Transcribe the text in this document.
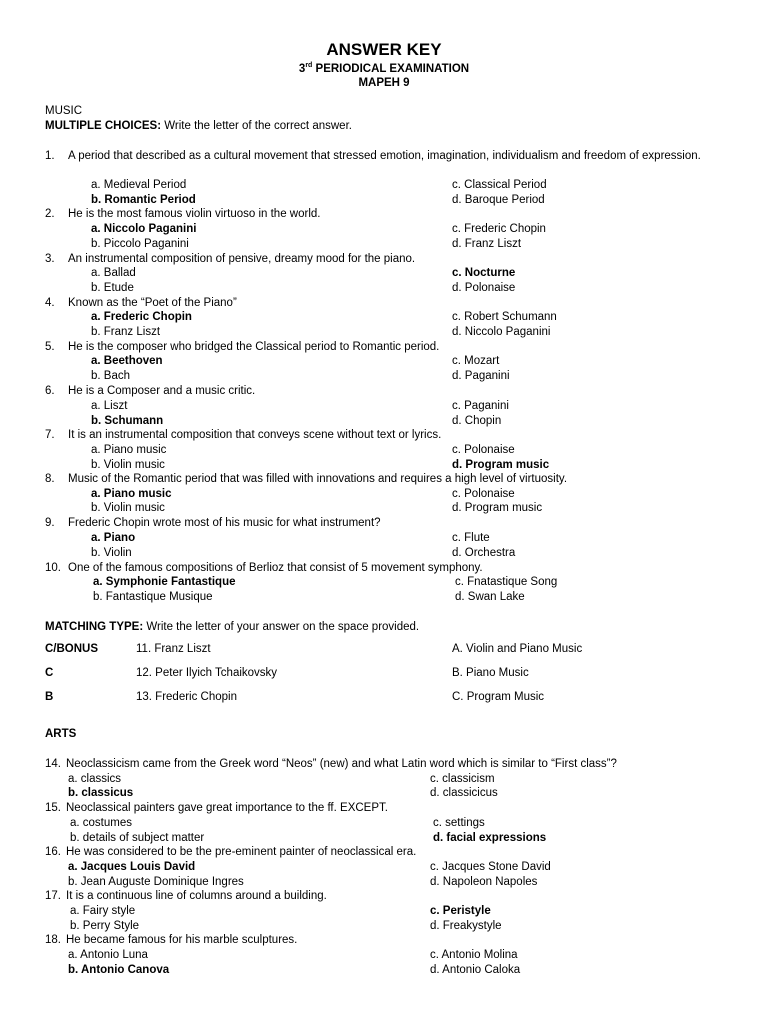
ANSWER KEY
3rd PERIODICAL EXAMINATION
MAPEH 9
MUSIC
MULTIPLE CHOICES: Write the letter of the correct answer.
1. A period that described as a cultural movement that stressed emotion, imagination, individualism and freedom of expression.
a. Medieval Period
b. Romantic Period
c. Classical Period
d. Baroque Period
2. He is the most famous violin virtuoso in the world.
a. Niccolo Paganini
b. Piccolo Paganini
c. Frederic Chopin
d. Franz Liszt
3. An instrumental composition of pensive, dreamy mood for the piano.
a. Ballad
b. Etude
c. Nocturne
d. Polonaise
4. Known as the “Poet of the Piano”
a. Frederic Chopin
b. Franz Liszt
c. Robert Schumann
d. Niccolo Paganini
5. He is the composer who bridged the Classical period to Romantic period.
a. Beethoven
b. Bach
c. Mozart
d. Paganini
6. He is a Composer and a music critic.
a. Liszt
b. Schumann
c. Paganini
d. Chopin
7. It is an instrumental composition that conveys scene without text or lyrics.
a. Piano music
b. Violin music
c. Polonaise
d. Program music
8. Music of the Romantic period that was filled with innovations and requires a high level of virtuosity.
a. Piano music
b. Violin music
c. Polonaise
d. Program music
9. Frederic Chopin wrote most of his music for what instrument?
a. Piano
b. Violin
c. Flute
d. Orchestra
10. One of the famous compositions of Berlioz that consist of 5 movement symphony.
a. Symphonie Fantastique
b. Fantastique Musique
c. Fnatastique Song
d. Swan Lake
MATCHING TYPE: Write the letter of your answer on the space provided.
C/BONUS	11. Franz Liszt	A. Violin and Piano Music
C	12. Peter Ilyich Tchaikovsky	B. Piano Music
B	13. Frederic Chopin	C. Program Music
ARTS
14. Neoclassicism came from the Greek word “Neos” (new) and what Latin word which is similar to “First class”?
a. classics
b. classicus
c. classicism
d. classicicus
15. Neoclassical painters gave great importance to the ff. EXCEPT.
a. costumes
b. details of subject matter
c. settings
d. facial expressions
16. He was considered to be the pre-eminent painter of neoclassical era.
a. Jacques Louis David
b. Jean Auguste Dominique Ingres
c. Jacques Stone David
d. Napoleon Napoles
17. It is a continuous line of columns around a building.
a. Fairy style
b. Perry Style
c. Peristyle
d. Freakystyle
18. He became famous for his marble sculptures.
a. Antonio Luna
b. Antonio Canova
c. Antonio Molina
d. Antonio Caloka
